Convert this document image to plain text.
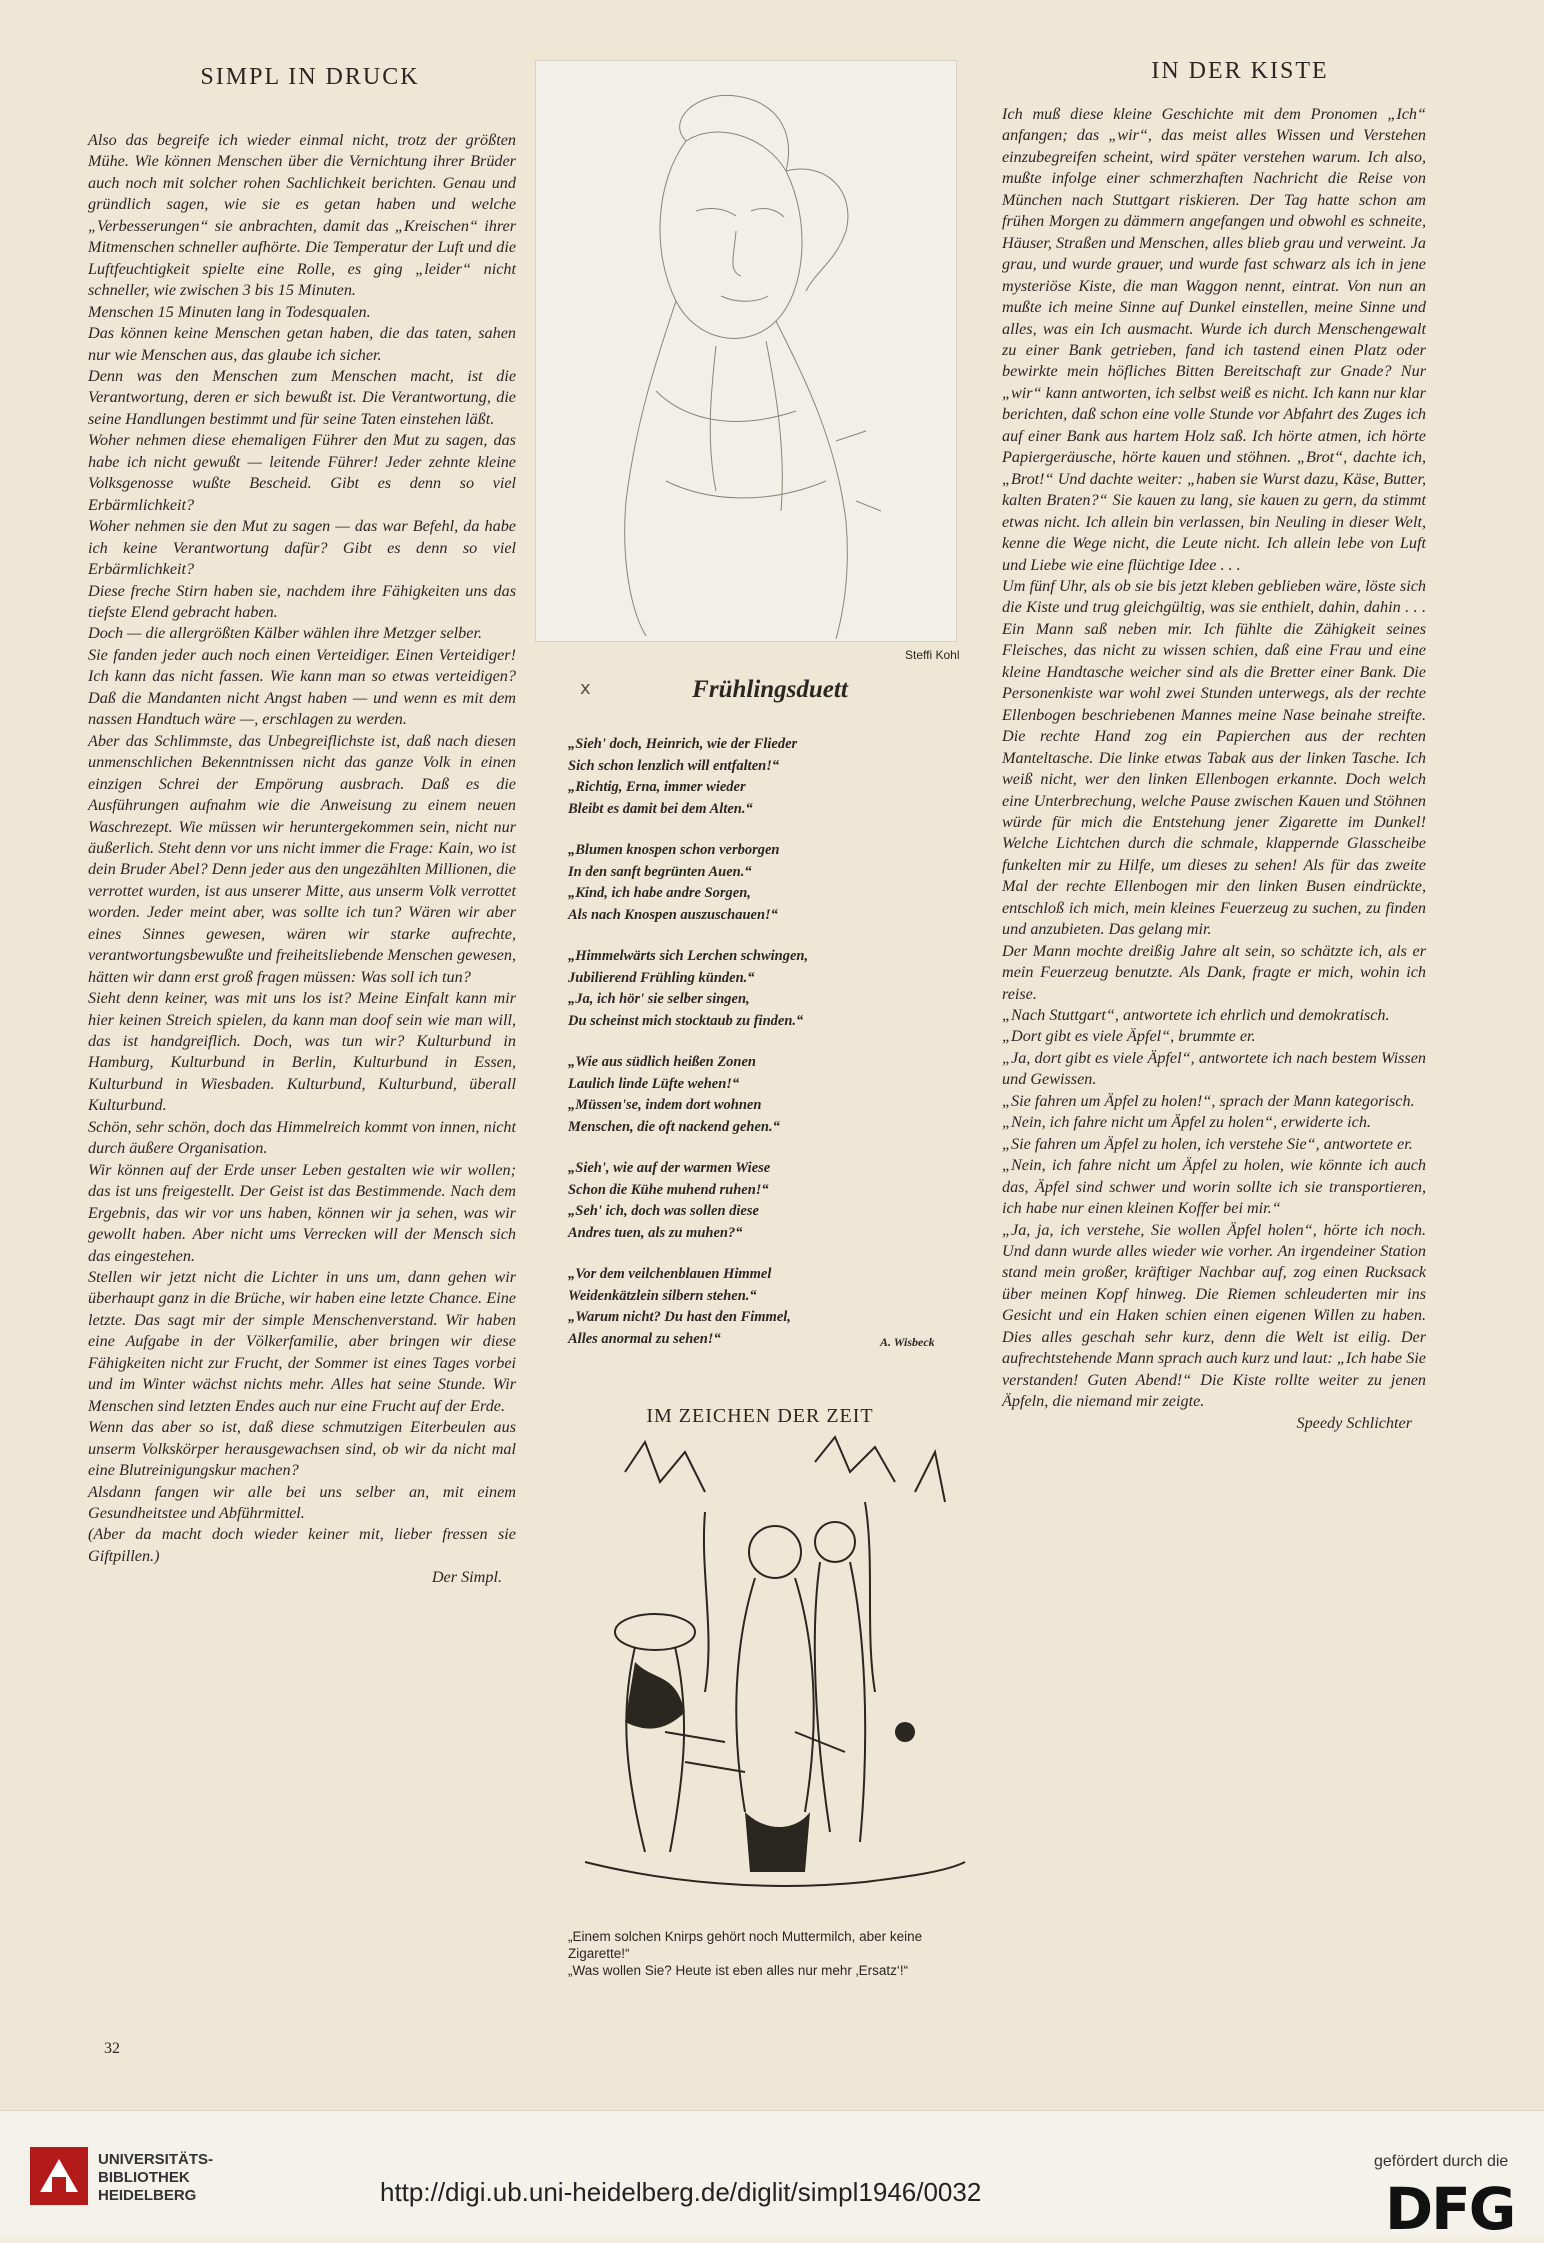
SIMPL IN DRUCK

Also das begreife ich wieder einmal nicht, trotz der größten Mühe. Wie können Menschen über die Vernichtung ihrer Brüder auch noch mit solcher rohen Sachlichkeit berichten. Genau und gründlich sagen, wie sie es getan haben und welche „Verbesserungen“ sie anbrachten, damit das „Kreischen“ ihrer Mitmenschen schneller aufhörte. Die Temperatur der Luft und die Luftfeuchtigkeit spielte eine Rolle, es ging „leider“ nicht schneller, wie zwischen 3 bis 15 Minuten.

Menschen 15 Minuten lang in Todesqualen.

Das können keine Menschen getan haben, die das taten, sahen nur wie Menschen aus, das glaube ich sicher.

Denn was den Menschen zum Menschen macht, ist die Verantwortung, deren er sich bewußt ist. Die Verantwortung, die seine Handlungen bestimmt und für seine Taten einstehen läßt.

Woher nehmen diese ehemaligen Führer den Mut zu sagen, das habe ich nicht gewußt — leitende Führer! Jeder zehnte kleine Volksgenosse wußte Bescheid. Gibt es denn so viel Erbärmlichkeit?

Woher nehmen sie den Mut zu sagen — das war Befehl, da habe ich keine Verantwortung dafür? Gibt es denn so viel Erbärmlichkeit?

Diese freche Stirn haben sie, nachdem ihre Fähigkeiten uns das tiefste Elend gebracht haben.

Doch — die allergrößten Kälber wählen ihre Metzger selber.

Sie fanden jeder auch noch einen Verteidiger. Einen Verteidiger! Ich kann das nicht fassen. Wie kann man so etwas verteidigen? Daß die Mandanten nicht Angst haben — und wenn es mit dem nassen Handtuch wäre —, erschlagen zu werden.

Aber das Schlimmste, das Unbegreiflichste ist, daß nach diesen unmenschlichen Bekenntnissen nicht das ganze Volk in einen einzigen Schrei der Empörung ausbrach. Daß es die Ausführungen aufnahm wie die Anweisung zu einem neuen Waschrezept. Wie müssen wir heruntergekommen sein, nicht nur äußerlich. Steht denn vor uns nicht immer die Frage: Kain, wo ist dein Bruder Abel? Denn jeder aus den ungezählten Millionen, die verrottet wurden, ist aus unserer Mitte, aus unserm Volk verrottet worden. Jeder meint aber, was sollte ich tun? Wären wir aber eines Sinnes gewesen, wären wir starke aufrechte, verantwortungsbewußte und freiheitsliebende Menschen gewesen, hätten wir dann erst groß fragen müssen: Was soll ich tun?

Sieht denn keiner, was mit uns los ist? Meine Einfalt kann mir hier keinen Streich spielen, da kann man doof sein wie man will, das ist handgreiflich. Doch, was tun wir? Kulturbund in Hamburg, Kulturbund in Berlin, Kulturbund in Essen, Kulturbund in Wiesbaden. Kulturbund, Kulturbund, überall Kulturbund.

Schön, sehr schön, doch das Himmelreich kommt von innen, nicht durch äußere Organisation.

Wir können auf der Erde unser Leben gestalten wie wir wollen; das ist uns freigestellt. Der Geist ist das Bestimmende. Nach dem Ergebnis, das wir vor uns haben, können wir ja sehen, was wir gewollt haben. Aber nicht ums Verrecken will der Mensch sich das eingestehen.

Stellen wir jetzt nicht die Lichter in uns um, dann gehen wir überhaupt ganz in die Brüche, wir haben eine letzte Chance. Eine letzte. Das sagt mir der simple Menschenverstand. Wir haben eine Aufgabe in der Völkerfamilie, aber bringen wir diese Fähigkeiten nicht zur Frucht, der Sommer ist eines Tages vorbei und im Winter wächst nichts mehr. Alles hat seine Stunde. Wir Menschen sind letzten Endes auch nur eine Frucht auf der Erde.

Wenn das aber so ist, daß diese schmutzigen Eiterbeulen aus unserm Volkskörper herausgewachsen sind, ob wir da nicht mal eine Blutreinigungskur machen?

Alsdann fangen wir alle bei uns selber an, mit einem Gesundheitstee und Abführmittel.

(Aber da macht doch wieder keiner mit, lieber fressen sie Giftpillen.)

Der Simpl.

Steffi Kohl
x	Frühlingsduett
„Sieh' doch, Heinrich, wie der Flieder
Sich schon lenzlich will entfalten!“
„Richtig, Erna, immer wieder
Bleibt es damit bei dem Alten.“
„Blumen knospen schon verborgen
In den sanft begrünten Auen.“
„Kind, ich habe andre Sorgen,
Als nach Knospen auszuschauen!“
„Himmelwärts sich Lerchen schwingen,
Jubilierend Frühling künden.“
„Ja, ich hör' sie selber singen,
Du scheinst mich stocktaub zu finden.“
„Wie aus südlich heißen Zonen
Laulich linde Lüfte wehen!“
„Müssen'se, indem dort wohnen
Menschen, die oft nackend gehen.“
„Sieh', wie auf der warmen Wiese
Schon die Kühe muhend ruhen!“
„Seh' ich, doch was sollen diese
Andres tuen, als zu muhen?“
„Vor dem veilchenblauen Himmel
Weidenkätzlein silbern stehen.“
„Warum nicht? Du hast den Fimmel,
Alles anormal zu sehen!“	A. Wisbeck
IM ZEICHEN DER ZEIT
„Einem solchen Knirps gehört noch Muttermilch, aber keine Zigarette!“
„Was wollen Sie? Heute ist eben alles nur mehr ‚Ersatz‘!“
IN DER KISTE

Ich muß diese kleine Geschichte mit dem Pronomen „Ich“ anfangen; das „wir“, das meist alles Wissen und Verstehen einzubegreifen scheint, wird später verstehen warum. Ich also, mußte infolge einer schmerzhaften Nachricht die Reise von München nach Stuttgart riskieren. Der Tag hatte schon am frühen Morgen zu dämmern angefangen und obwohl es schneite, Häuser, Straßen und Menschen, alles blieb grau und verweint. Ja grau, und wurde grauer, und wurde fast schwarz als ich in jene mysteriöse Kiste, die man Waggon nennt, eintrat. Von nun an mußte ich meine Sinne auf Dunkel einstellen, meine Sinne und alles, was ein Ich ausmacht. Wurde ich durch Menschengewalt zu einer Bank getrieben, fand ich tastend einen Platz oder bewirkte mein höfliches Bitten Bereitschaft zur Gnade? Nur „wir“ kann antworten, ich selbst weiß es nicht. Ich kann nur klar berichten, daß schon eine volle Stunde vor Abfahrt des Zuges ich auf einer Bank aus hartem Holz saß. Ich hörte atmen, ich hörte Papiergeräusche, hörte kauen und stöhnen. „Brot“, dachte ich, „Brot!“ Und dachte weiter: „haben sie Wurst dazu, Käse, Butter, kalten Braten?“ Sie kauen zu lang, sie kauen zu gern, da stimmt etwas nicht. Ich allein bin verlassen, bin Neuling in dieser Welt, kenne die Wege nicht, die Leute nicht. Ich allein lebe von Luft und Liebe wie eine flüchtige Idee . . .

Um fünf Uhr, als ob sie bis jetzt kleben geblieben wäre, löste sich die Kiste und trug gleichgültig, was sie enthielt, dahin, dahin . . . Ein Mann saß neben mir. Ich fühlte die Zähigkeit seines Fleisches, das nicht zu wissen schien, daß eine Frau und eine kleine Handtasche weicher sind als die Bretter einer Bank. Die Personenkiste war wohl zwei Stunden unterwegs, als der rechte Ellenbogen beschriebenen Mannes meine Nase beinahe streifte. Die rechte Hand zog ein Papierchen aus der rechten Manteltasche. Die linke etwas Tabak aus der linken Tasche. Ich weiß nicht, wer den linken Ellenbogen erkannte. Doch welch eine Unterbrechung, welche Pause zwischen Kauen und Stöhnen würde für mich die Entstehung jener Zigarette im Dunkel! Welche Lichtchen durch die schmale, klappernde Glasscheibe funkelten mir zu Hilfe, um dieses zu sehen! Als für das zweite Mal der rechte Ellenbogen mir den linken Busen eindrückte, entschloß ich mich, mein kleines Feuerzeug zu suchen, zu finden und anzubieten. Das gelang mir.

Der Mann mochte dreißig Jahre alt sein, so schätzte ich, als er mein Feuerzeug benutzte. Als Dank, fragte er mich, wohin ich reise.

„Nach Stuttgart“, antwortete ich ehrlich und demokratisch.

„Dort gibt es viele Äpfel“, brummte er.

„Ja, dort gibt es viele Äpfel“, antwortete ich nach bestem Wissen und Gewissen.

„Sie fahren um Äpfel zu holen!“, sprach der Mann kategorisch.

„Nein, ich fahre nicht um Äpfel zu holen“, erwiderte ich.

„Sie fahren um Äpfel zu holen, ich verstehe Sie“, antwortete er.

„Nein, ich fahre nicht um Äpfel zu holen, wie könnte ich auch das, Äpfel sind schwer und worin sollte ich sie transportieren, ich habe nur einen kleinen Koffer bei mir.“

„Ja, ja, ich verstehe, Sie wollen Äpfel holen“, hörte ich noch. Und dann wurde alles wieder wie vorher. An irgendeiner Station stand mein großer, kräftiger Nachbar auf, zog einen Rucksack über meinen Kopf hinweg. Die Riemen schleuderten mir ins Gesicht und ein Haken schien einen eigenen Willen zu haben. Dies alles geschah sehr kurz, denn die Welt ist eilig. Der aufrechtstehende Mann sprach auch kurz und laut: „Ich habe Sie verstanden! Guten Abend!“ Die Kiste rollte weiter zu jenen Äpfeln, die niemand mir zeigte.

Speedy Schlichter

32
UNIVERSITÄTS-
BIBLIOTHEK
HEIDELBERG	http://digi.ub.uni-heidelberg.de/diglit/simpl1946/0032
gefördert durch die
DFG
